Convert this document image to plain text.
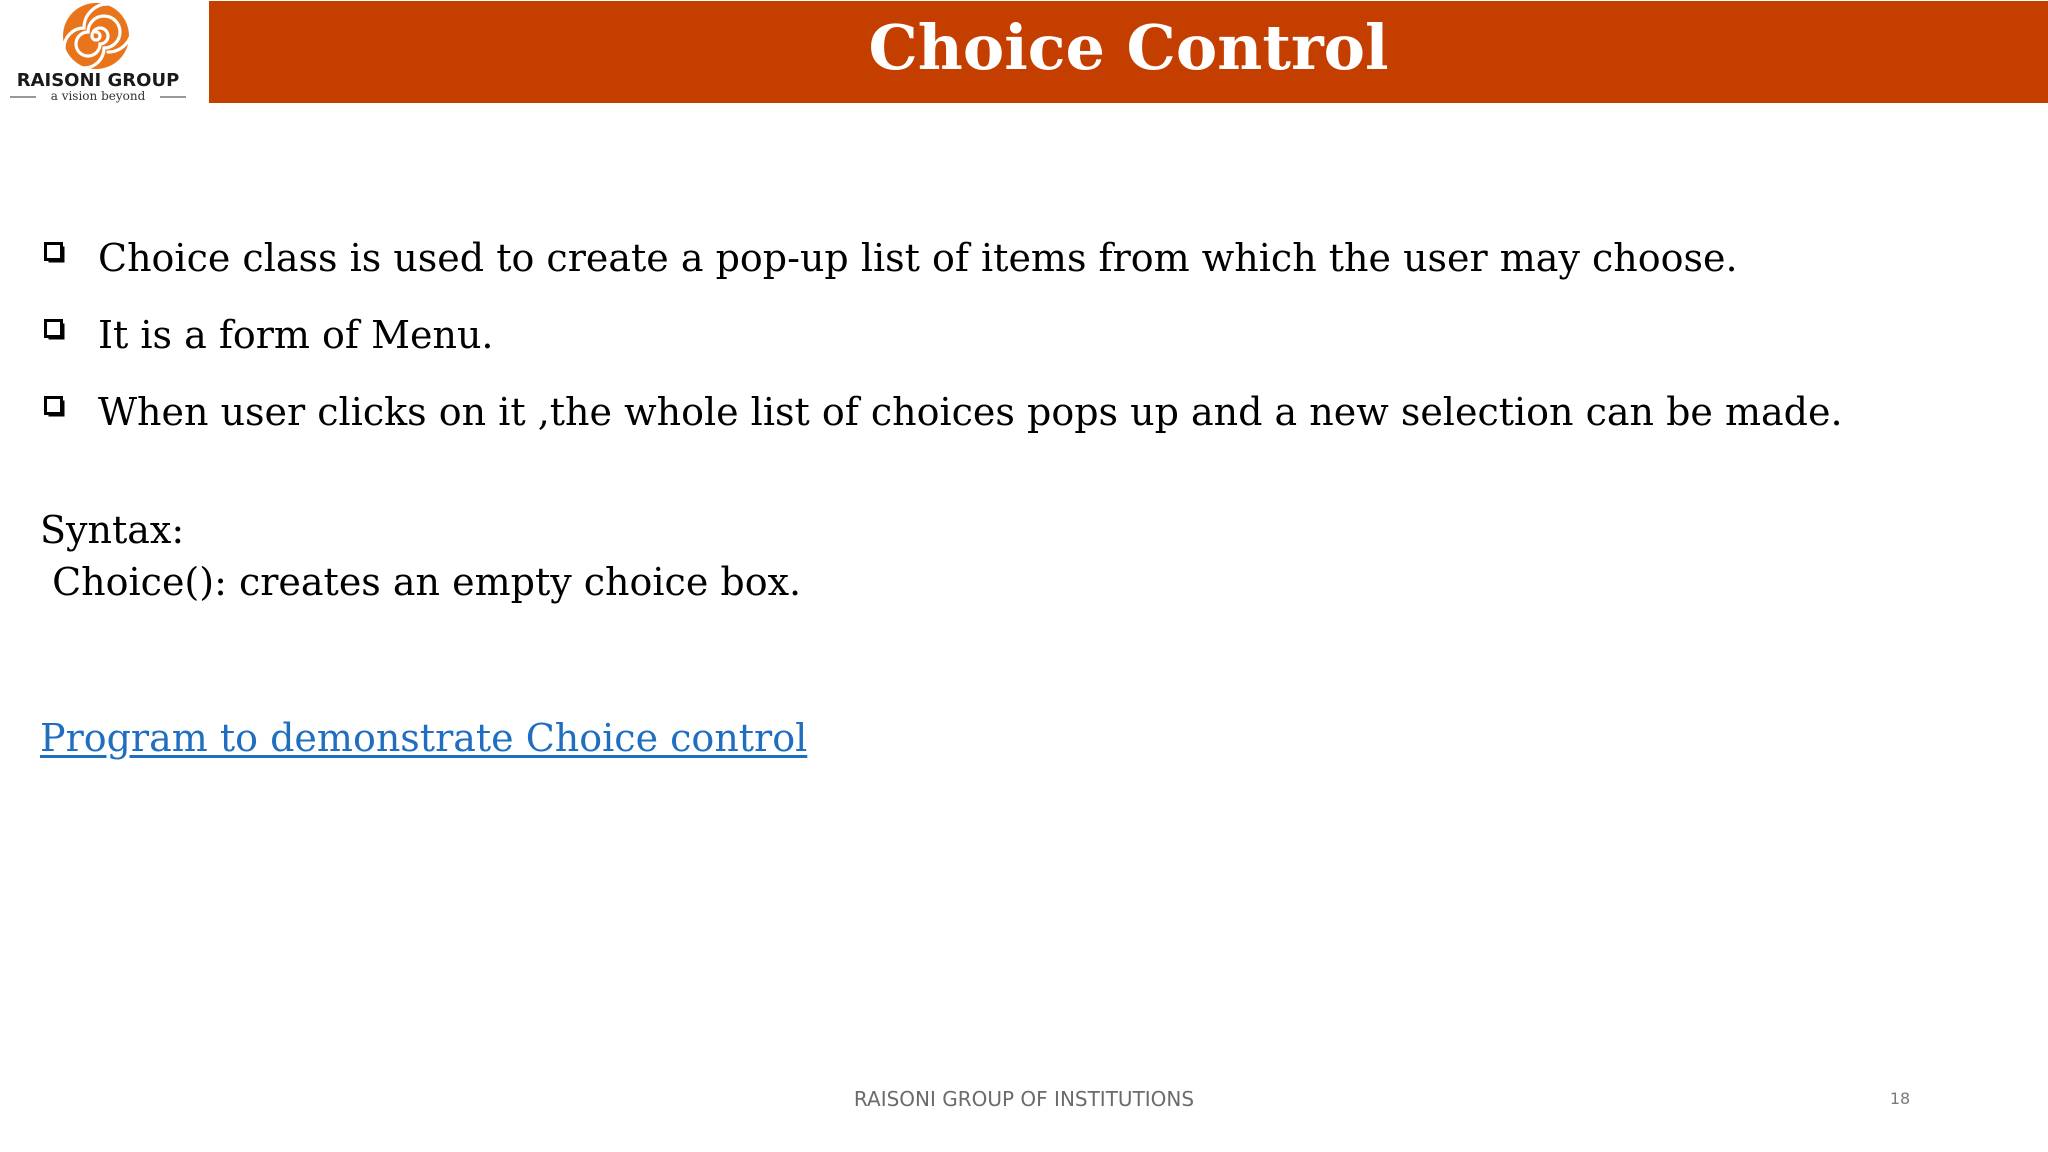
RAISONI GROUP
a vision beyond
Choice Control
Choice class is used to create a pop-up list of items from which the user may choose.
It is a form of Menu.
When user clicks on it ,the whole list of choices pops up and a new selection can be made.
Syntax:
Choice(): creates an empty choice box.
Program to demonstrate Choice control
RAISONI GROUP OF INSTITUTIONS	18
